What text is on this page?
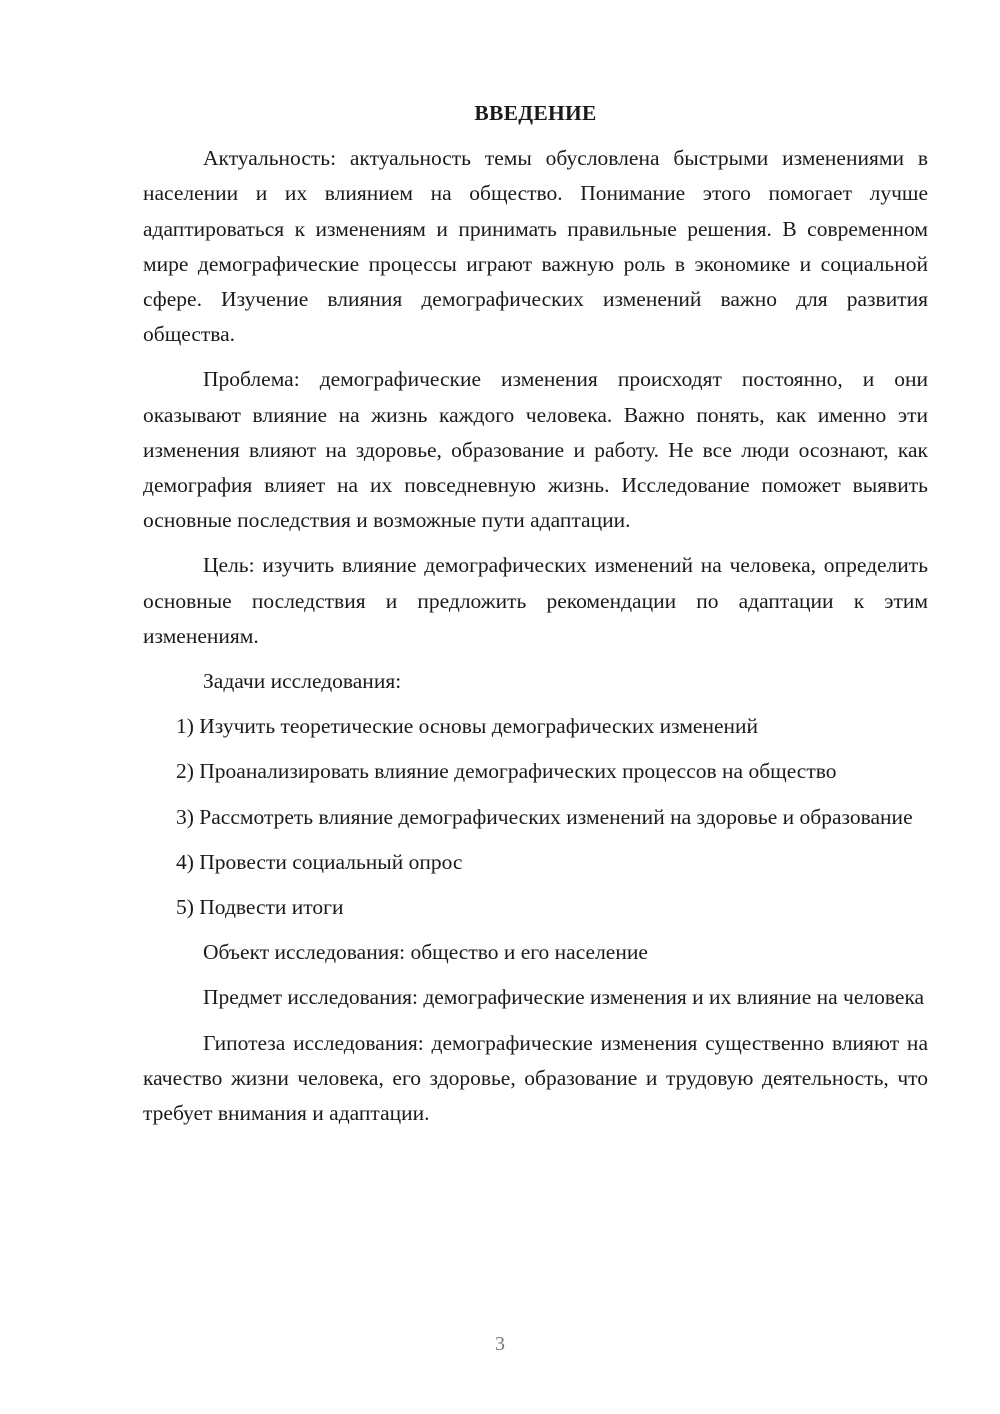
ВВЕДЕНИЕ

Актуальность: актуальность темы обусловлена быстрыми изменениями в населении и их влиянием на общество. Понимание этого помогает лучше адаптироваться к изменениям и принимать правильные решения. В современном мире демографические процессы играют важную роль в экономике и социальной сфере. Изучение влияния демографических изменений важно для развития общества.

Проблема: демографические изменения происходят постоянно, и они оказывают влияние на жизнь каждого человека. Важно понять, как именно эти изменения влияют на здоровье, образование и работу. Не все люди осознают, как демография влияет на их повседневную жизнь. Исследование поможет выявить основные последствия и возможные пути адаптации.

Цель: изучить влияние демографических изменений на человека, определить основные последствия и предложить рекомендации по адаптации к этим изменениям.

Задачи исследования:

1) Изучить теоретические основы демографических изменений

2) Проанализировать влияние демографических процессов на общество

3) Рассмотреть влияние демографических изменений на здоровье и образование

4) Провести социальный опрос

5) Подвести итоги

Объект исследования: общество и его население

Предмет исследования: демографические изменения и их влияние на человека

Гипотеза исследования: демографические изменения существенно влияют на качество жизни человека, его здоровье, образование и трудовую деятельность, что требует внимания и адаптации.

3
